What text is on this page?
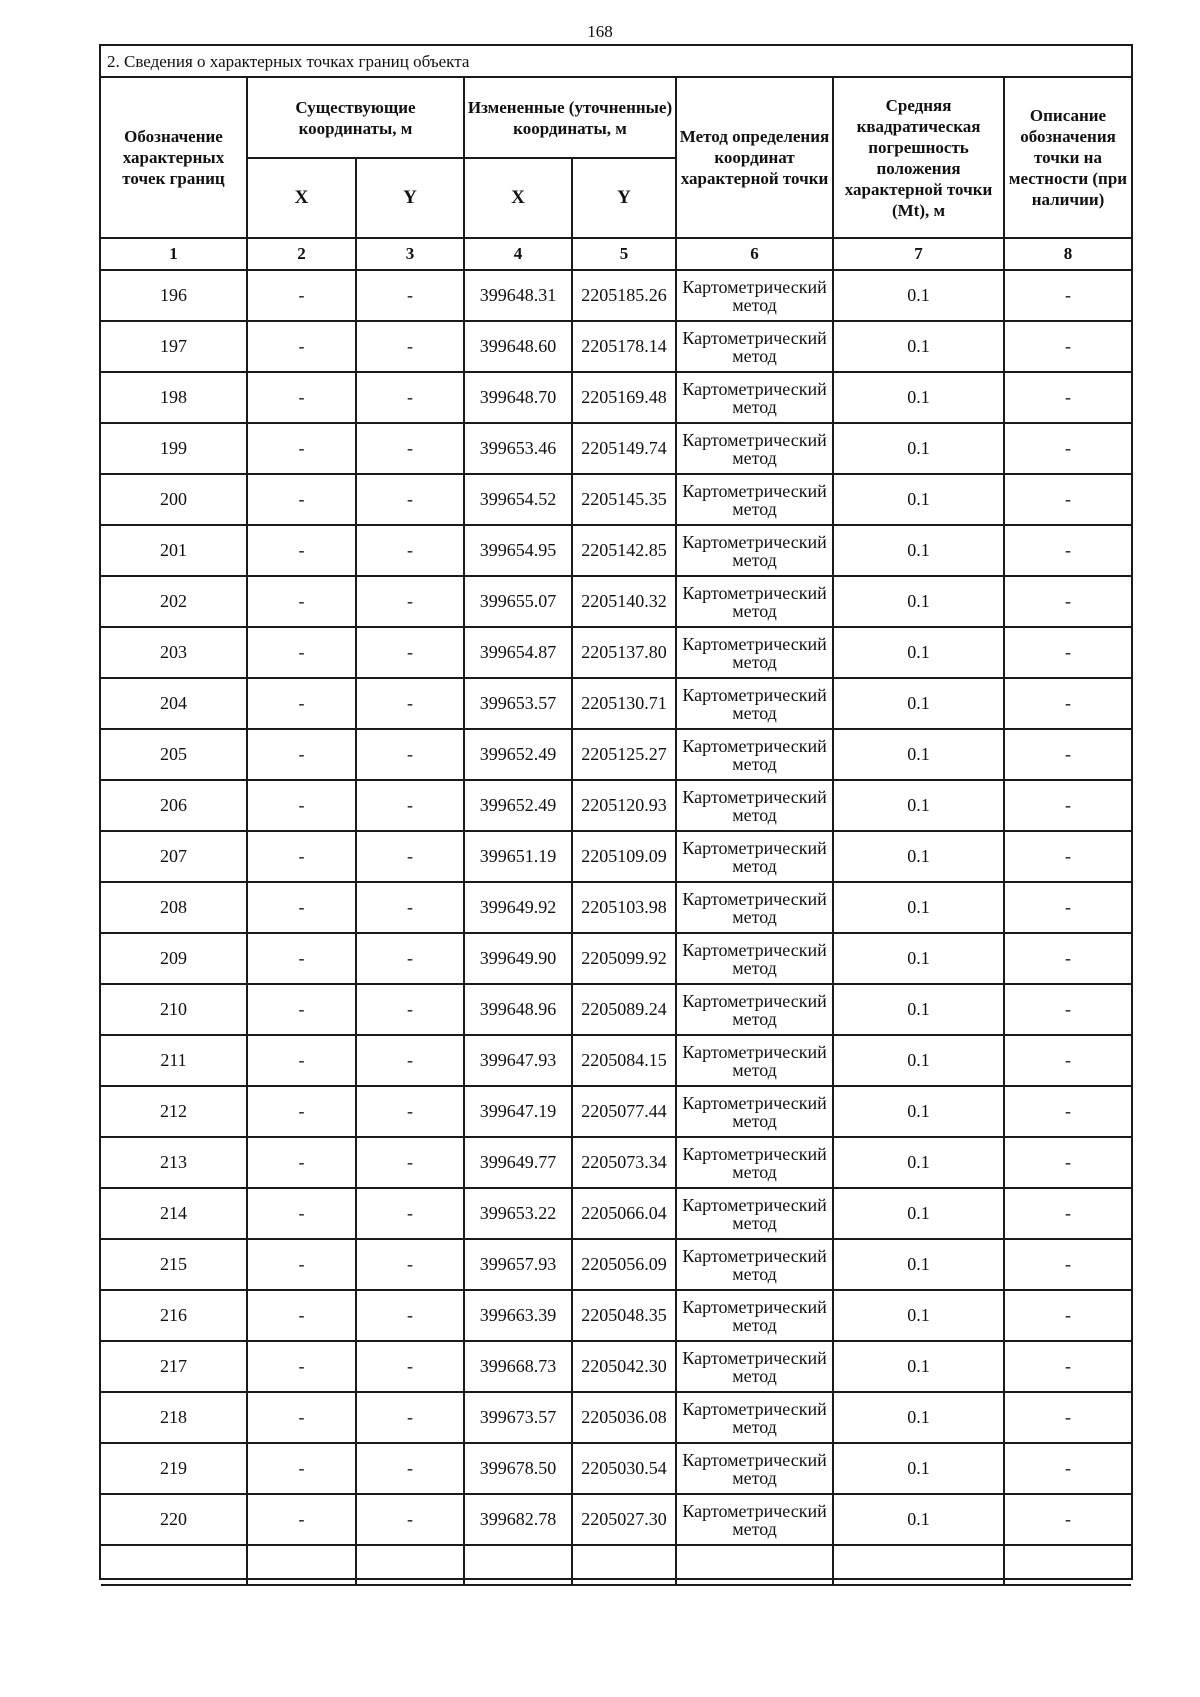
168
2. Сведения о характерных точках границ объекта
Обозначение характерных точек границ	Существующие координаты, м		Измененные (уточненные) координаты, м		Метод определения координат характерной точки	Средняя квадратическая погрешность положения характерной точки (Mt), м	Описание обозначения точки на местности (при наличии)
	X	Y	X	Y			
1	2	3	4	5	6	7	8
196	-	-	399648.31	2205185.26	Картометрический метод	0.1	-
197	-	-	399648.60	2205178.14	Картометрический метод	0.1	-
198	-	-	399648.70	2205169.48	Картометрический метод	0.1	-
199	-	-	399653.46	2205149.74	Картометрический метод	0.1	-
200	-	-	399654.52	2205145.35	Картометрический метод	0.1	-
201	-	-	399654.95	2205142.85	Картометрический метод	0.1	-
202	-	-	399655.07	2205140.32	Картометрический метод	0.1	-
203	-	-	399654.87	2205137.80	Картометрический метод	0.1	-
204	-	-	399653.57	2205130.71	Картометрический метод	0.1	-
205	-	-	399652.49	2205125.27	Картометрический метод	0.1	-
206	-	-	399652.49	2205120.93	Картометрический метод	0.1	-
207	-	-	399651.19	2205109.09	Картометрический метод	0.1	-
208	-	-	399649.92	2205103.98	Картометрический метод	0.1	-
209	-	-	399649.90	2205099.92	Картометрический метод	0.1	-
210	-	-	399648.96	2205089.24	Картометрический метод	0.1	-
211	-	-	399647.93	2205084.15	Картометрический метод	0.1	-
212	-	-	399647.19	2205077.44	Картометрический метод	0.1	-
213	-	-	399649.77	2205073.34	Картометрический метод	0.1	-
214	-	-	399653.22	2205066.04	Картометрический метод	0.1	-
215	-	-	399657.93	2205056.09	Картометрический метод	0.1	-
216	-	-	399663.39	2205048.35	Картометрический метод	0.1	-
217	-	-	399668.73	2205042.30	Картометрический метод	0.1	-
218	-	-	399673.57	2205036.08	Картометрический метод	0.1	-
219	-	-	399678.50	2205030.54	Картометрический метод	0.1	-
220	-	-	399682.78	2205027.30	Картометрический метод	0.1	-
